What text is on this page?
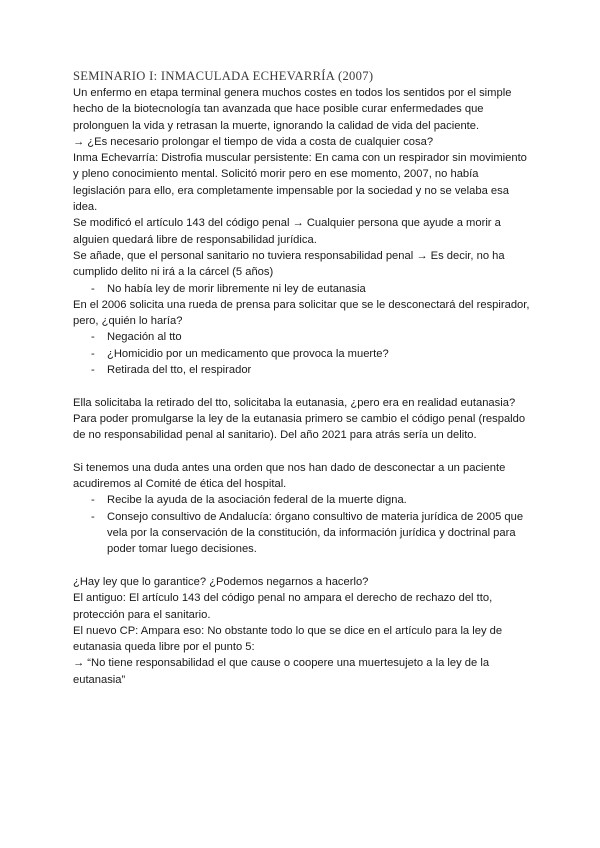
SEMINARIO I: INMACULADA ECHEVARRÍA (2007)

Un enfermo en etapa terminal genera muchos costes en todos los sentidos por el simple hecho de la biotecnología tan avanzada que hace posible curar enfermedades que prolonguen la vida y retrasan la muerte, ignorando la calidad de vida del paciente.

→ ¿Es necesario prolongar el tiempo de vida a costa de cualquier cosa?

Inma Echevarría: Distrofia muscular persistente: En cama con un respirador sin movimiento y pleno conocimiento mental. Solicitó morir pero en ese momento, 2007, no había legislación para ello, era completamente impensable por la sociedad y no se velaba esa idea.

Se modificó el artículo 143 del código penal → Cualquier persona que ayude a morir a alguien quedará libre de responsabilidad jurídica.

Se añade, que el personal sanitario no tuviera responsabilidad penal → Es decir, no ha cumplido delito ni irá a la cárcel (5 años)

- No había ley de morir libremente ni ley de eutanasia

En el 2006 solicita una rueda de prensa para solicitar que se le desconectará del respirador, pero, ¿quién lo haría?

- Negación al tto
- ¿Homicidio por un medicamento que provoca la muerte?
- Retirada del tto, el respirador

Ella solicitaba la retirado del tto, solicitaba la eutanasia, ¿pero era en realidad eutanasia? Para poder promulgarse la ley de la eutanasia primero se cambio el código penal (respaldo de no responsabilidad penal al sanitario). Del año 2021 para atrás sería un delito.

Si tenemos una duda antes una orden que nos han dado de desconectar a un paciente acudiremos al Comité de ética del hospital.

- Recibe la ayuda de la asociación federal de la muerte digna.
- Consejo consultivo de Andalucía: órgano consultivo de materia jurídica de 2005 que vela por la conservación de la constitución, da información jurídica y doctrinal para poder tomar luego decisiones.

¿Hay ley que lo garantice? ¿Podemos negarnos a hacerlo?

El antiguo: El artículo 143 del código penal no ampara el derecho de rechazo del tto, protección para el sanitario.

El nuevo CP: Ampara eso: No obstante todo lo que se dice en el artículo para la ley de eutanasia queda libre por el punto 5:

→ “No tiene responsabilidad el que cause o coopere una muertesujeto a la ley de la eutanasia”
